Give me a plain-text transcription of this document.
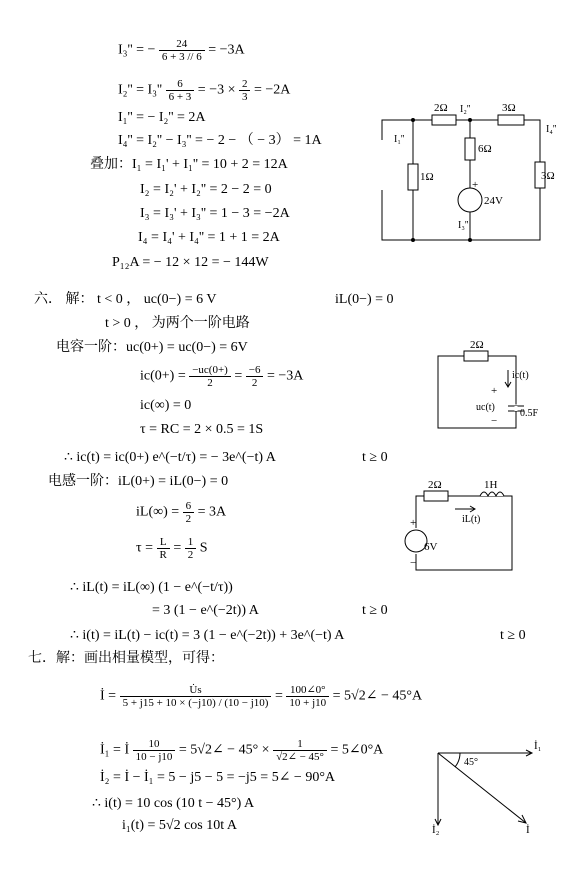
I₃'' = − $\frac{24}{6 + 3 // 6} = -3A$
$I_2'' = I_3'' \frac{6}{6 + 3} = -3 \times \frac{2}{3} = -2A$
I₁'' = − I₂'' = 2A
I₄'' = I₂'' − I₃'' = − 2 − （ − 3） = 1A
叠加：I₁ = I₁' + I₁'' = 10 + 2 = 12A
I₂ = I₂' + I₂'' = 2 − 2 = 0
I₃ = I₃' + I₃'' = 1 − 3 = −2A
I₄ = I₄' + I₄'' = 1 + 1 = 2A
P₁₂A = − 12 × 12 = − 144W
2Ω	3Ω
6Ω
1Ω	3Ω
24V
+
I₁''
I₂''
I₃''
I₄''
六． 解： t < 0 ， uc(0−) = 6 V	iL(0−) = 0
t > 0 ， 为两个一阶电路
电容一阶：uc(0+) = uc(0−) = 6V
$ic(0+) = \frac{-uc(0+)}{2} = \frac{-6}{2} = -3A$
ic(∞) = 0
τ = RC = 2 × 0.5 = 1S
∴ ic(t) = ic(0+) e^(−t/τ) = − 3e^(−t) A	t ≥ 0
电感一阶：iL(0+) = iL(0−) = 0
$iL(\infty) = \frac{6}{2} = 3A$
$\tau = \frac{L}{R} = \frac{1}{2}$ S
∴ iL(t) = iL(∞) (1 − e^(−t/τ))
= 3 (1 − e^(−2t)) A	t ≥ 0
∴ i(t) = iL(t) − ic(t) = 3 (1 − e^(−2t)) + 3e^(−t) A	t ≥ 0
2Ω
ic(t)
+
uc(t)
−
0.5F
2Ω	1H
iL(t)
+
−
6V
七．解：画出相量模型，可得：
İ = $\frac{U̇s}{5 + j15 + 10 \times (-j10) / (10 - j10)} = \frac{100\angle 0^\circ}{10 + j10}$ = 5√2∠ − 45°A
İ₁ = İ $\frac{10}{10 - j10}$ = 5√2∠ − $45^\circ \times \frac{1}{√2\angle - 45^\circ}$ = 5∠0°A
İ₂ = İ − İ₁ = 5 − j5 − 5 = −j5 = 5∠ − 90°A
∴ i(t) = 10 cos (10 t − 45°) A
i₁(t) = 5√2 cos 10t A
İ₁
İ₂	İ
45°
